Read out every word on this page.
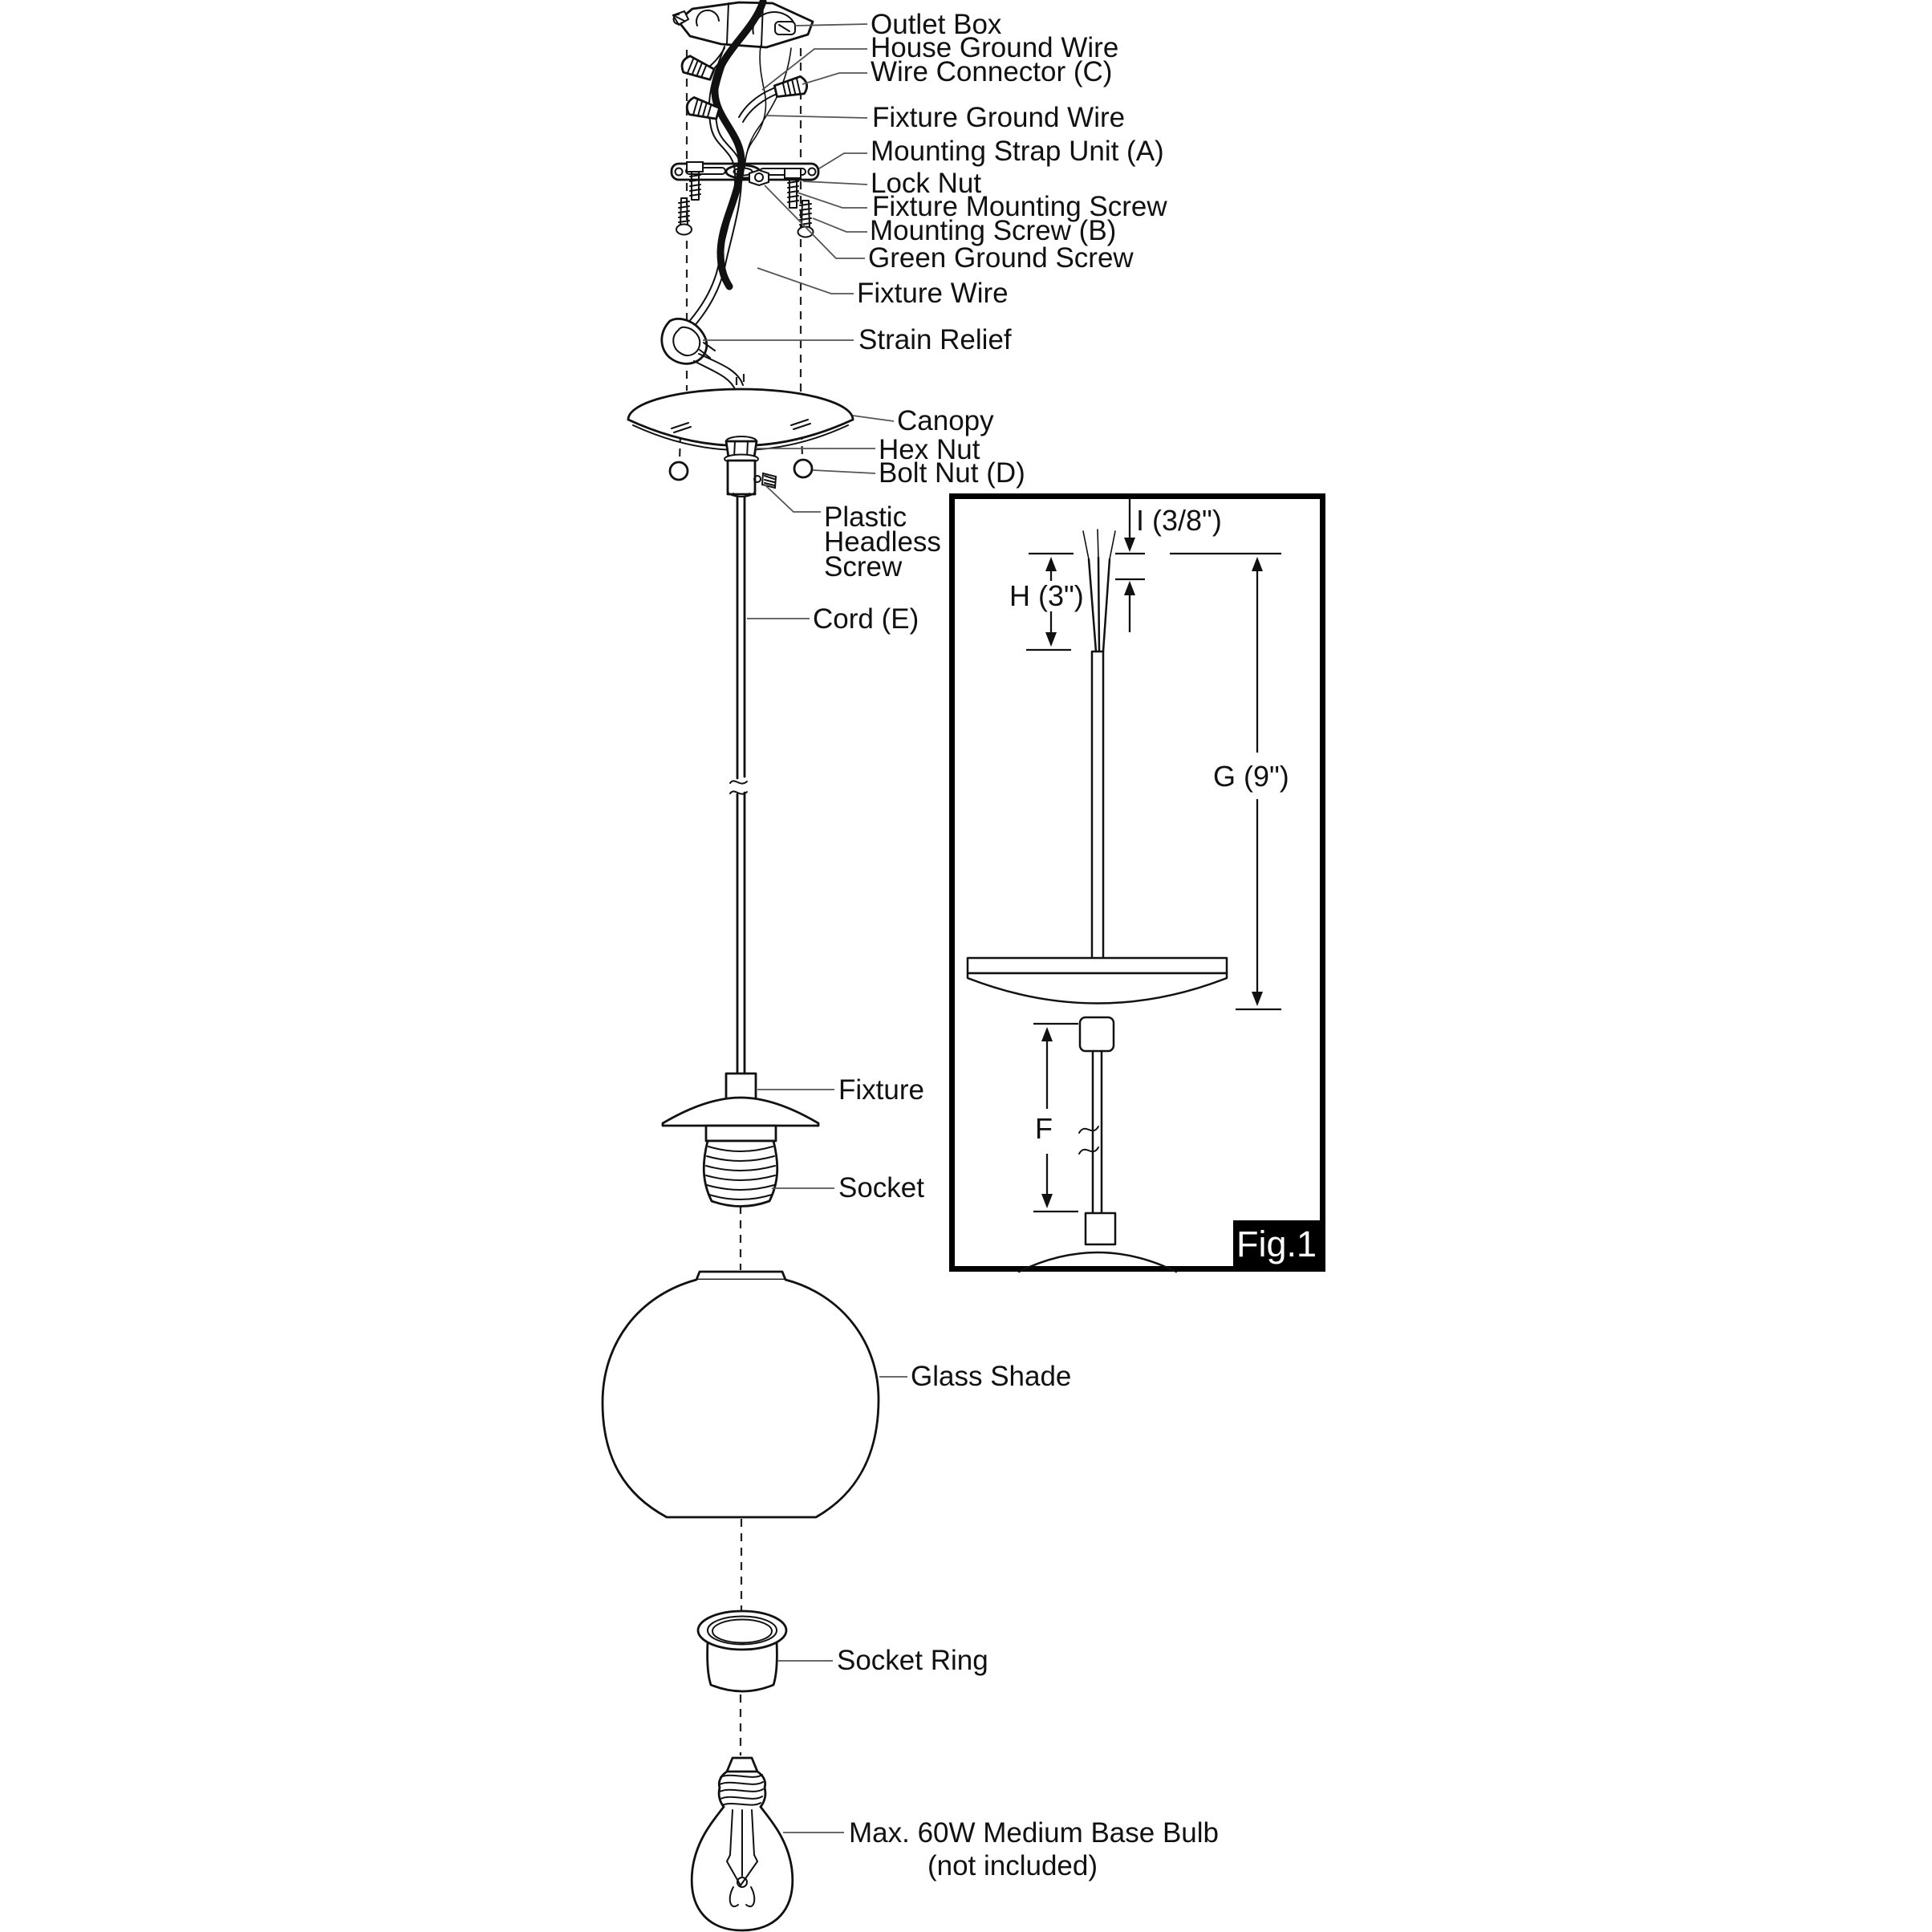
Fig.1
I (3/8")
H (3")
G (9")
F
Outlet Box
House Ground Wire
Wire Connector (C)
Fixture Ground Wire
Mounting Strap Unit (A)
Lock Nut
Fixture Mounting Screw
Mounting Screw (B)
Green Ground Screw
Fixture Wire
Strain Relief
Canopy
Hex Nut
Bolt Nut (D)
Plastic
Headless
Screw
Cord (E)
Fixture
Socket
Glass Shade
Socket Ring
Max. 60W Medium Base Bulb
(not included)
